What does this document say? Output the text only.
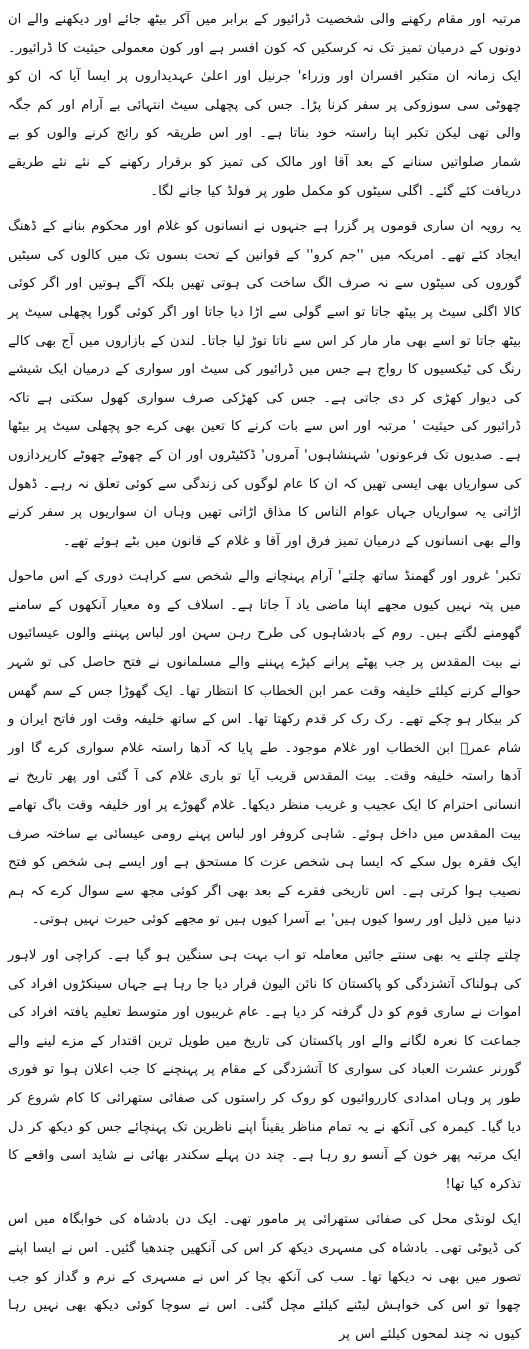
مرتبہ اور مقام رکھنے والی شخصیت ڈرائیور کے برابر میں آکر بیٹھ جائے اور دیکھنے والے ان دونوں کے درمیان تمیز تک نہ کرسکیں کہ کون افسر ہے اور کون معمولی حیثیت کا ڈرائیور۔ ایک زمانہ ان متکبر افسران اور وزراء' جرنیل اور اعلیٰ عہدیداروں پر ایسا آیا کہ ان کو چھوٹی سی سوزوکی پر سفر کرنا پڑا۔ جس کی پچھلی سیٹ انتہائی بے آرام اور کم جگہ والی تھی لیکن تکبر اپنا راستہ خود بناتا ہے۔ اور اس طریقہ کو رائج کرنے والوں کو بے شمار صلواتیں سنانے کے بعد آقا اور مالک کی تمیز کو برقرار رکھنے کے نئے نئے طریقے دریافت کئے گئے۔ اگلی سیٹوں کو مکمل طور پر فولڈ کیا جانے لگا۔

یہ رویہ ان ساری قوموں پر گزرا ہے جنہوں نے انسانوں کو غلام اور محکوم بنانے کے ڈھنگ ایجاد کئے تھے۔ امریکہ میں ''جم کرو'' کے قوانین کے تحت بسوں تک میں کالوں کی سیٹیں گوروں کی سیٹوں سے نہ صرف الگ ساخت کی ہوتی تھیں بلکہ آگے ہوتیں اور اگر کوئی کالا اگلی سیٹ پر بیٹھ جاتا تو اسے گولی سے اڑا دیا جاتا اور اگر کوئی گورا پچھلی سیٹ پر بیٹھ جاتا تو اسے بھی مار مار کر اس سے ناتا توڑ لیا جاتا۔ لندن کے بازاروں میں آج بھی کالے رنگ کی ٹیکسیوں کا رواج ہے جس میں ڈرائیور کی سیٹ اور سواری کے درمیان ایک شیشے کی دیوار کھڑی کر دی جاتی ہے۔ جس کی کھڑکی صرف سواری کھول سکتی ہے تاکہ ڈرائیور کی حیثیت ' مرتبہ اور اس سے بات کرنے کا تعین بھی کرے جو پچھلی سیٹ پر بیٹھا ہے۔ صدیوں تک فرعونوں' شہنشاہوں' آمروں' ڈکٹیٹروں اور ان کے چھوٹے چھوٹے کارپردازوں کی سواریاں بھی ایسی تھیں کہ ان کا عام لوگوں کی زندگی سے کوئی تعلق نہ رہے۔ ڈھول اڑاتی یہ سواریاں جہاں عوام الناس کا مذاق اڑاتی تھیں وہاں ان سواریوں پر سفر کرنے والے بھی انسانوں کے درمیان تمیز فرق اور آقا و غلام کے قانون میں بٹے ہوئے تھے۔

تکبر' غرور اور گھمنڈ ساتھ چلتے' آرام پہنچانے والے شخص سے کراہت دوری کے اس ماحول میں پتہ نہیں کیوں مجھے اپنا ماضی یاد آ جاتا ہے۔ اسلاف کے وہ معیار آنکھوں کے سامنے گھومنے لگتے ہیں۔ روم کے بادشاہوں کی طرح رہن سہن اور لباس پہننے والوں عیسائیوں نے بیت المقدس پر جب پھٹے پرانے کپڑے پہننے والے مسلمانوں نے فتح حاصل کی تو شہر حوالے کرنے کیلئے خلیفہ وقت عمر ابن الخطاب کا انتظار تھا۔ ایک گھوڑا جس کے سم گھس کر بیکار ہو چکے تھے۔ رک رک کر قدم رکھتا تھا۔ اس کے ساتھ خلیفہ وقت اور فاتح ایران و شام عمرؓ ابن الخطاب اور غلام موجود۔ طے پایا کہ آدھا راستہ غلام سواری کرے گا اور آدھا راستہ خلیفہ وقت۔ بیت المقدس قریب آیا تو باری غلام کی آ گئی اور پھر تاریخ نے انسانی احترام کا ایک عجیب و غریب منظر دیکھا۔ غلام گھوڑے پر اور خلیفہ وقت باگ تھامے بیت المقدس میں داخل ہوئے۔ شاہی کروفر اور لباس پہنے رومی عیسائی بے ساختہ صرف ایک فقرہ بول سکے کہ ایسا ہی شخص عزت کا مستحق ہے اور ایسے ہی شخص کو فتح نصیب ہوا کرتی ہے۔ اس تاریخی فقرے کے بعد بھی اگر کوئی مجھ سے سوال کرے کہ ہم دنیا میں ذلیل اور رسوا کیوں ہیں' بے آسرا کیوں ہیں تو مجھے کوئی حیرت نہیں ہوتی۔

چلتے چلتے یہ بھی سنتے جائیں معاملہ تو اب بہت ہی سنگین ہو گیا ہے۔ کراچی اور لاہور کی ہولناک آتشزدگی کو پاکستان کا نائن الیون قرار دیا جا رہا ہے جہاں سینکڑوں افراد کی اموات نے ساری قوم کو دل گرفتہ کر دیا ہے۔ عام غریبوں اور متوسط تعلیم یافتہ افراد کی جماعت کا نعرہ لگانے والے اور پاکستان کی تاریخ میں طویل ترین اقتدار کے مزے لینے والے گورنر عشرت العباد کی سواری کا آتشزدگی کے مقام پر پہنچنے کا جب اعلان ہوا تو فوری طور پر وہاں امدادی کارروائیوں کو روک کر راستوں کی صفائی ستھرائی کا کام شروع کر دیا گیا۔ کیمرہ کی آنکھ نے یہ تمام مناظر یقیناً اپنے ناظرین تک پہنچائے جس کو دیکھ کر دل ایک مرتبہ پھر خون کے آنسو رو رہا ہے۔ چند دن پہلے سکندر بھائی نے شاید اسی واقعے کا تذکرہ کیا تھا!

ایک لونڈی محل کی صفائی ستھرائی پر مامور تھی۔ ایک دن بادشاہ کی خوابگاہ میں اس کی ڈیوٹی تھی۔ بادشاہ کی مسہری دیکھ کر اس کی آنکھیں چندھیا گئیں۔ اس نے ایسا اپنے تصور میں بھی نہ دیکھا تھا۔ سب کی آنکھ بچا کر اس نے مسہری کے نرم و گداز کو جب چھوا تو اس کی خواہش لیٹنے کیلئے مچل گئی۔ اس نے سوچا کوئی دیکھ بھی نہیں رہا کیوں نہ چند لمحوں کیلئے اس پر
